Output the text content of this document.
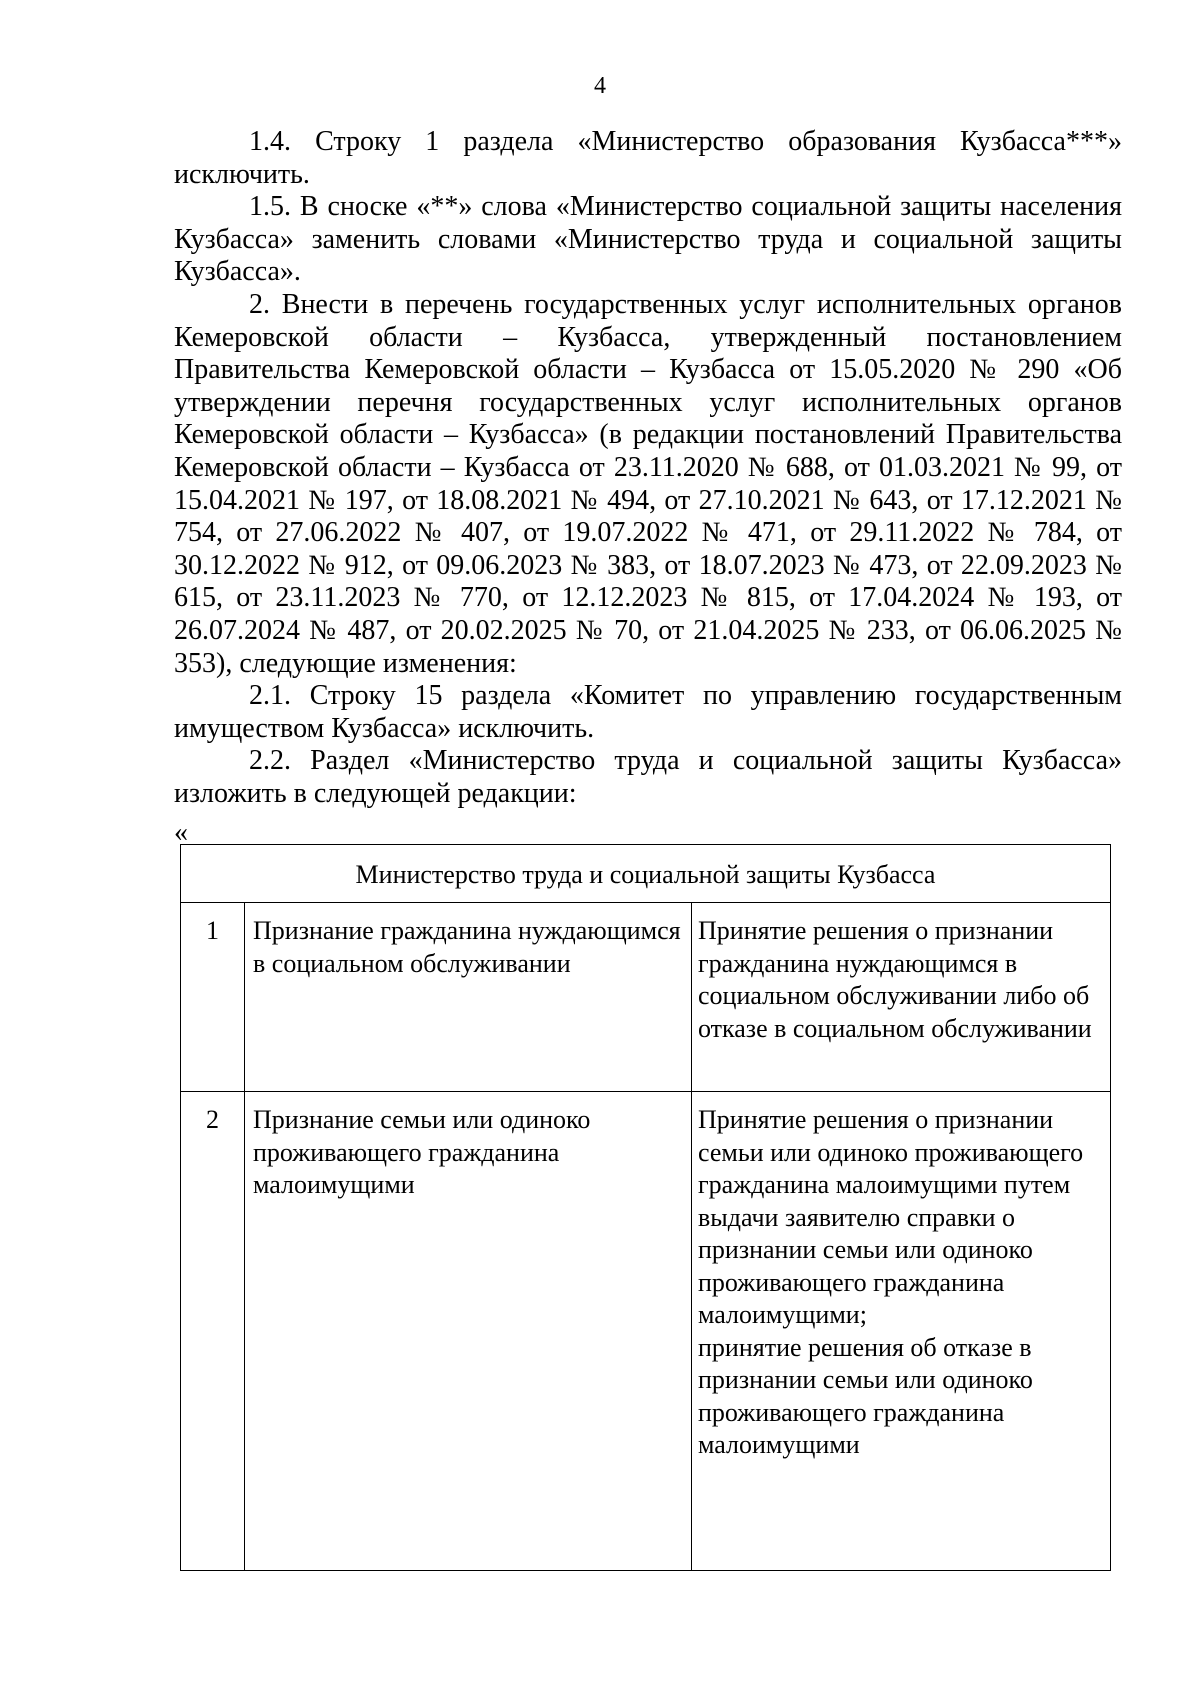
4

1.4. Строку 1 раздела «Министерство образования Кузбасса***» исключить.

1.5. В сноске «**» слова «Министерство социальной защиты населения Кузбасса» заменить словами «Министерство труда и социальной защиты Кузбасса».

2. Внести в перечень государственных услуг исполнительных органов Кемеровской области – Кузбасса, утвержденный постановлением Правительства Кемеровской области – Кузбасса от 15.05.2020 № 290 «Об утверждении перечня государственных услуг исполнительных органов Кемеровской области – Кузбасса» (в редакции постановлений Правительства Кемеровской области – Кузбасса от 23.11.2020 № 688, от 01.03.2021 № 99, от 15.04.2021 № 197, от 18.08.2021 № 494, от 27.10.2021 № 643, от 17.12.2021 № 754, от 27.06.2022 № 407, от 19.07.2022 № 471, от 29.11.2022 № 784, от 30.12.2022 № 912, от 09.06.2023 № 383, от 18.07.2023 № 473, от 22.09.2023 № 615, от 23.11.2023 № 770, от 12.12.2023 № 815, от 17.04.2024 № 193, от 26.07.2024 № 487, от 20.02.2025 № 70, от 21.04.2025 № 233, от 06.06.2025 № 353), следующие изменения:

2.1. Строку 15 раздела «Комитет по управлению государственным имуществом Кузбасса» исключить.

2.2. Раздел «Министерство труда и социальной защиты Кузбасса» изложить в следующей редакции:

«
Министерство труда и социальной защиты Кузбасса		
1	Признание гражданина нуждающимся в социальном обслуживании	Принятие решения о признании гражданина нуждающимся в социальном обслуживании либо об отказе в социальном обслуживании

2	Признание семьи или одиноко проживающего гражданина малоимущими	Принятие решения о признании семьи или одиноко проживающего гражданина малоимущими путем выдачи заявителю справки о признании семьи или одиноко проживающего гражданина малоимущими;
принятие решения об отказе в признании семьи или одиноко проживающего гражданина малоимущими
